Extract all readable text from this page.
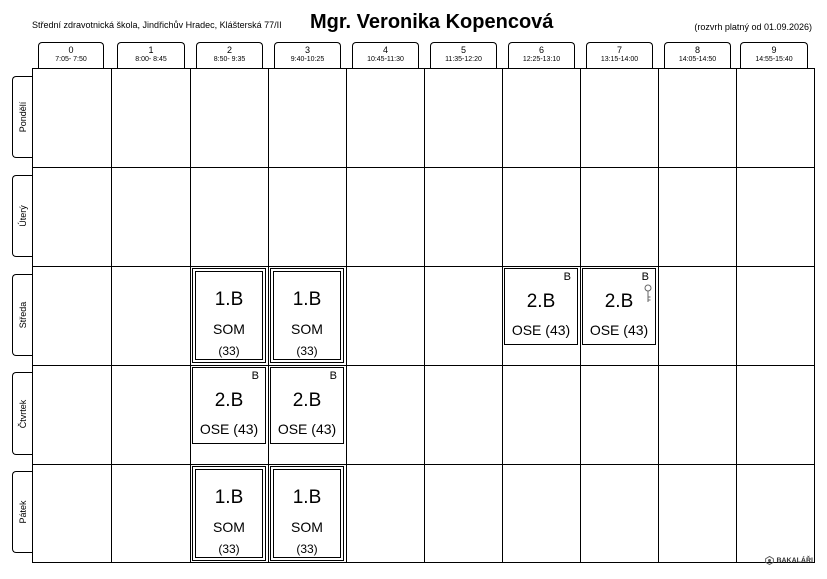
Střední zdravotnická škola, Jindřichův Hradec, Klášterská 77/II Mgr. Veronika Kopencová	(rozvrh platný od 01.09.2026)
0
7:05- 7:50
1
8:00- 8:45
2
8:50- 9:35
3
9:40-10:25
4
10:45-11:30
5
11:35-12:20
6
12:25-13:10
7
13:15-14:00
8
14:05-14:50
9
14:55-15:40
Pondělí
Úterý
Středa
Čtvrtek
Pátek
1.B
SOM
(33)
1.B
SOM
(33)
B
2.B
OSE (43)
B
2.B
OSE (43)
B
2.B
OSE (43)
B
2.B
OSE (43)
1.B
SOM
(33)
1.B
SOM
(33)
BAKALÁŘI
